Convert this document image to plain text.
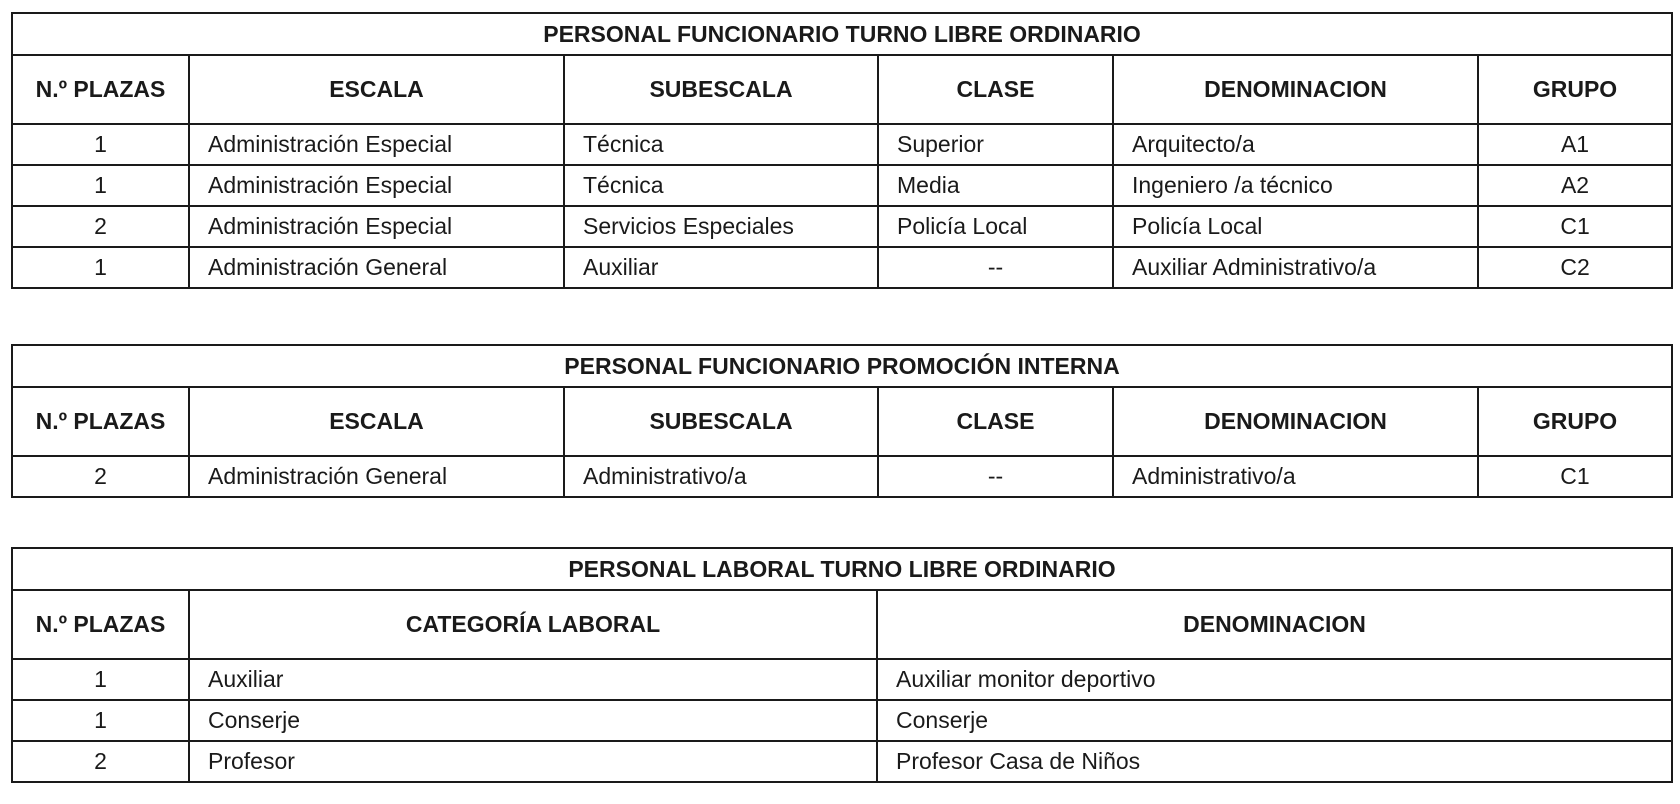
PERSONAL FUNCIONARIO TURNO LIBRE ORDINARIO					
N.º PLAZAS	ESCALA	SUBESCALA	CLASE	DENOMINACION	GRUPO
1	Administración Especial	Técnica	Superior	Arquitecto/a	A1
1	Administración Especial	Técnica	Media	Ingeniero /a técnico	A2
2	Administración Especial	Servicios Especiales	Policía Local	Policía Local	C1
1	Administración General	Auxiliar	--	Auxiliar Administrativo/a	C2
PERSONAL FUNCIONARIO PROMOCIÓN INTERNA					
N.º PLAZAS	ESCALA	SUBESCALA	CLASE	DENOMINACION	GRUPO
2	Administración General	Administrativo/a	--	Administrativo/a	C1
PERSONAL LABORAL TURNO LIBRE ORDINARIO		
N.º PLAZAS	CATEGORÍA LABORAL	DENOMINACION
1	Auxiliar	Auxiliar monitor deportivo
1	Conserje	Conserje
2	Profesor	Profesor Casa de Niños
